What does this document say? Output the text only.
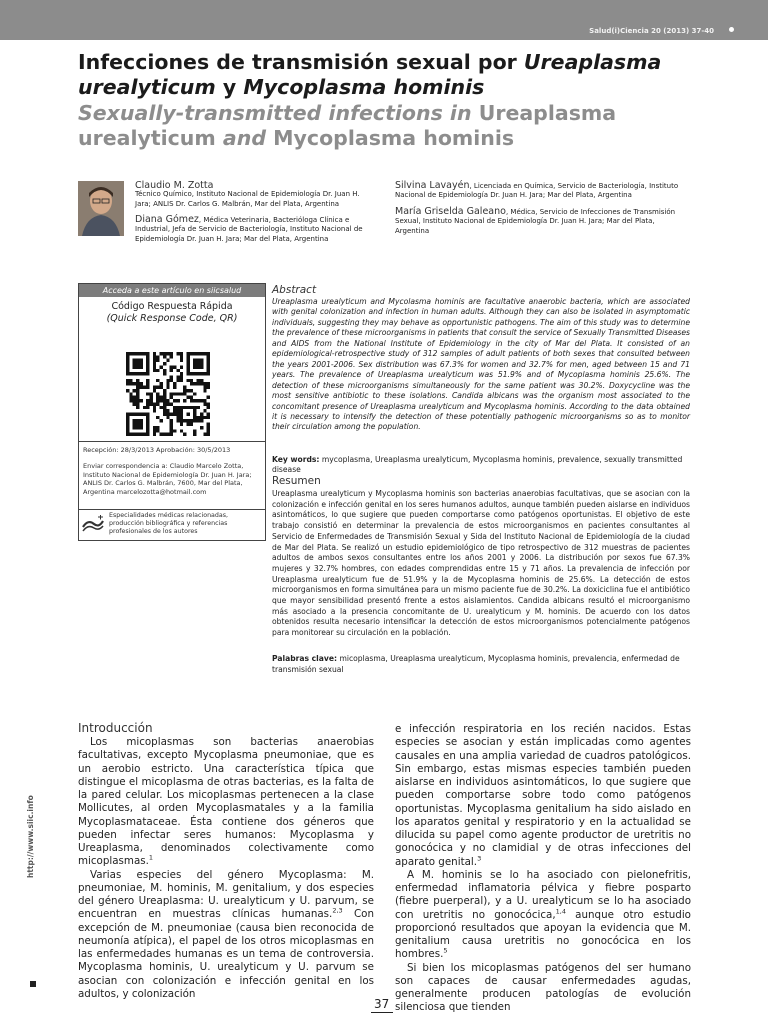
Salud(i)Ciencia 20 (2013) 37-40
Infecciones de transmisión sexual por Ureaplasma urealyticum y Mycoplasma hominis
Sexually-transmitted infections in Ureaplasma urealyticum and Mycoplasma hominis
Claudio M. Zotta
Técnico Químico, Instituto Nacional de Epidemiología Dr. Juan H. Jara; ANLIS Dr. Carlos G. Malbrán, Mar del Plata, Argentina
Diana Gómez, Médica Veterinaria, Bacterióloga Clínica e Industrial, Jefa de Servicio de Bacteriología, Instituto Nacional de Epidemiología Dr. Juan H. Jara; Mar del Plata, Argentina
Silvina Lavayén, Licenciada en Química, Servicio de Bacteriología, Instituto Nacional de Epidemiología Dr. Juan H. Jara; Mar del Plata, Argentina
María Griselda Galeano, Médica, Servicio de Infecciones de Transmisión Sexual, Instituto Nacional de Epidemiología Dr. Juan H. Jara; Mar del Plata, Argentina
Acceda a este artículo en siicsalud
Código Respuesta Rápida
(Quick Response Code, QR)
Recepción: 28/3/2013 Aprobación: 30/5/2013
Enviar correspondencia a: Claudio Marcelo Zotta, Instituto Nacional de Epidemiología Dr. Juan H. Jara; ANLIS Dr. Carlos G. Malbrán, 7600, Mar del Plata, Argentina marcelozotta@hotmail.com
Especialidades médicas relacionadas, producción bibliográfica y referencias profesionales de los autores
Abstract
Ureaplasma urealyticum and Mycolasma hominis are facultative anaerobic bacteria, which are associated with genital colonization and infection in human adults. Although they can also be isolated in asymptomatic individuals, suggesting they may behave as opportunistic pathogens. The aim of this study was to determine the prevalence of these microorganisms in patients that consult the service of Sexually Transmitted Diseases and AIDS from the National Institute of Epidemiology in the city of Mar del Plata. It consisted of an epidemiological-retrospective study of 312 samples of adult patients of both sexes that consulted between the years 2001-2006. Sex distribution was 67.3% for women and 32.7% for men, aged between 15 and 71 years. The prevalence of Ureaplasma urealyticum was 51.9% and of Mycoplasma hominis 25.6%. The detection of these microorganisms simultaneously for the same patient was 30.2%. Doxycycline was the most sensitive antibiotic to these isolations. Candida albicans was the organism most associated to the concomitant presence of Ureaplasma urealyticum and Mycoplasma hominis. According to the data obtained it is necessary to intensify the detection of these potentially pathogenic microorganisms so as to monitor their circulation among the population.
Key words: mycoplasma, Ureaplasma urealyticum, Mycoplasma hominis, prevalence, sexually transmitted disease
Resumen
Ureaplasma urealyticum y Mycoplasma hominis son bacterias anaerobias facultativas, que se asocian con la colonización e infección genital en los seres humanos adultos, aunque también pueden aislarse en individuos asintomáticos, lo que sugiere que pueden comportarse como patógenos oportunistas. El objetivo de este trabajo consistió en determinar la prevalencia de estos microorganismos en pacientes consultantes al Servicio de Enfermedades de Transmisión Sexual y Sida del Instituto Nacional de Epidemiología de la ciudad de Mar del Plata. Se realizó un estudio epidemiológico de tipo retrospectivo de 312 muestras de pacientes adultos de ambos sexos consultantes entre los años 2001 y 2006. La distribución por sexos fue 67.3% mujeres y 32.7% hombres, con edades comprendidas entre 15 y 71 años. La prevalencia de infección por Ureaplasma urealyticum fue de 51.9% y la de Mycoplasma hominis de 25.6%. La detección de estos microorganismos en forma simultánea para un mismo paciente fue de 30.2%. La doxiciclina fue el antibiótico que mayor sensibilidad presentó frente a estos aislamientos. Candida albicans resultó el microorganismo más asociado a la presencia concomitante de U. urealyticum y M. hominis. De acuerdo con los datos obtenidos resulta necesario intensificar la detección de estos microorganismos potencialmente patógenos para monitorear su circulación en la población.
Palabras clave: micoplasma, Ureaplasma urealyticum, Mycoplasma hominis, prevalencia, enfermedad de transmisión sexual
Introducción

Los micoplasmas son bacterias anaerobias facultativas, excepto Mycoplasma pneumoniae, que es un aerobio estricto. Una característica típica que distingue el micoplasma de otras bacterias, es la falta de la pared celular. Los micoplasmas pertenecen a la clase Mollicutes, al orden Mycoplasmatales y a la familia Mycoplasmataceae. Ésta contiene dos géneros que pueden infectar seres humanos: Mycoplasma y Ureaplasma, denominados colectivamente como micoplasmas.$^1$

Varias especies del género Mycoplasma: M. pneumoniae, M. hominis, M. genitalium, y dos especies del género Ureaplasma: U. urealyticum y U. parvum, se encuentran en muestras clínicas humanas.$^{2,3}$ Con excepción de M. pneumoniae (causa bien reconocida de neumonía atípica), el papel de los otros micoplasmas en las enfermedades humanas es un tema de controversia. Mycoplasma hominis, U. urealyticum y U. parvum se asocian con colonización e infección genital en los adultos, y colonización

e infección respiratoria en los recién nacidos. Estas especies se asocian y están implicadas como agentes causales en una amplia variedad de cuadros patológicos. Sin embargo, estas mismas especies también pueden aislarse en individuos asintomáticos, lo que sugiere que pueden comportarse sobre todo como patógenos oportunistas. Mycoplasma genitalium ha sido aislado en los aparatos genital y respiratorio y en la actualidad se dilucida su papel como agente productor de uretritis no gonocócica y no clamidial y de otras infecciones del aparato genital.$^3$

A M. hominis se lo ha asociado con pielonefritis, enfermedad inflamatoria pélvica y fiebre posparto (fiebre puerperal), y a U. urealyticum se lo ha asociado con uretritis no gonocócica,$^{1,4}$ aunque otro estudio proporcionó resultados que apoyan la evidencia que M. genitalium causa uretritis no gonocócica en los hombres.$^5$

Si bien los micoplasmas patógenos del ser humano son capaces de causar enfermedades agudas, generalmente producen patologías de evolución silenciosa que tienden

http://www.siic.info
37
